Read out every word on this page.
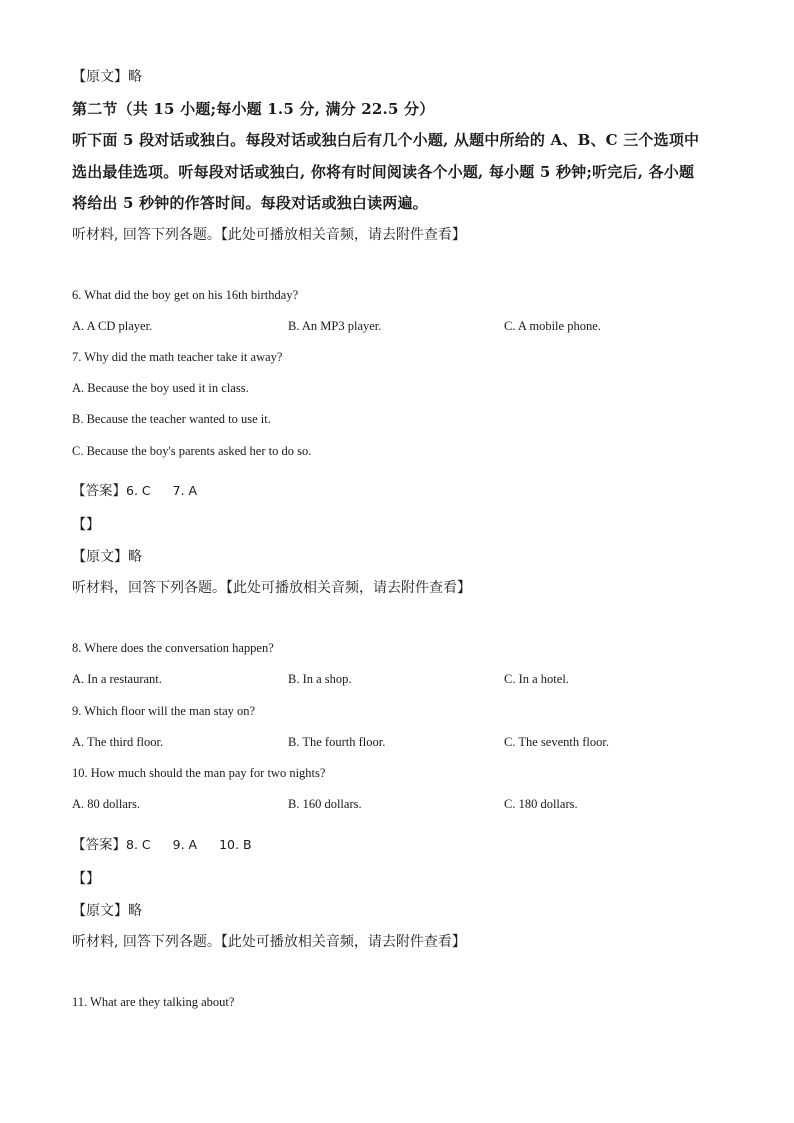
【原文】略
第二节（共 15 小题;每小题 1.5 分, 满分 22.5 分）
听下面 5 段对话或独白。每段对话或独白后有几个小题, 从题中所给的 A、B、C 三个选项中
选出最佳选项。听每段对话或独白, 你将有时间阅读各个小题, 每小题 5 秒钟;听完后, 各小题
将给出 5 秒钟的作答时间。每段对话或独白读两遍。
听材料, 回答下列各题。【此处可播放相关音频，请去附件查看】
6. What did the boy get on his 16th birthday?
A. A CD player.	B. An MP3 player.	C. A mobile phone.
7. Why did the math teacher take it away?
A. Because the boy used it in class.
B. Because the teacher wanted to use it.
C. Because the boy's parents asked her to do so.
【答案】6. C 7. A
【】
【原文】略
听材料，回答下列各题。【此处可播放相关音频，请去附件查看】
8. Where does the conversation happen?
A. In a restaurant.	B. In a shop.	C. In a hotel.
9. Which floor will the man stay on?
A. The third floor.	B. The fourth floor.	C. The seventh floor.
10. How much should the man pay for two nights?
A. 80 dollars.	B. 160 dollars.	C. 180 dollars.
【答案】8. C 9. A 10. B
【】
【原文】略
听材料, 回答下列各题。【此处可播放相关音频，请去附件查看】
11. What are they talking about?
